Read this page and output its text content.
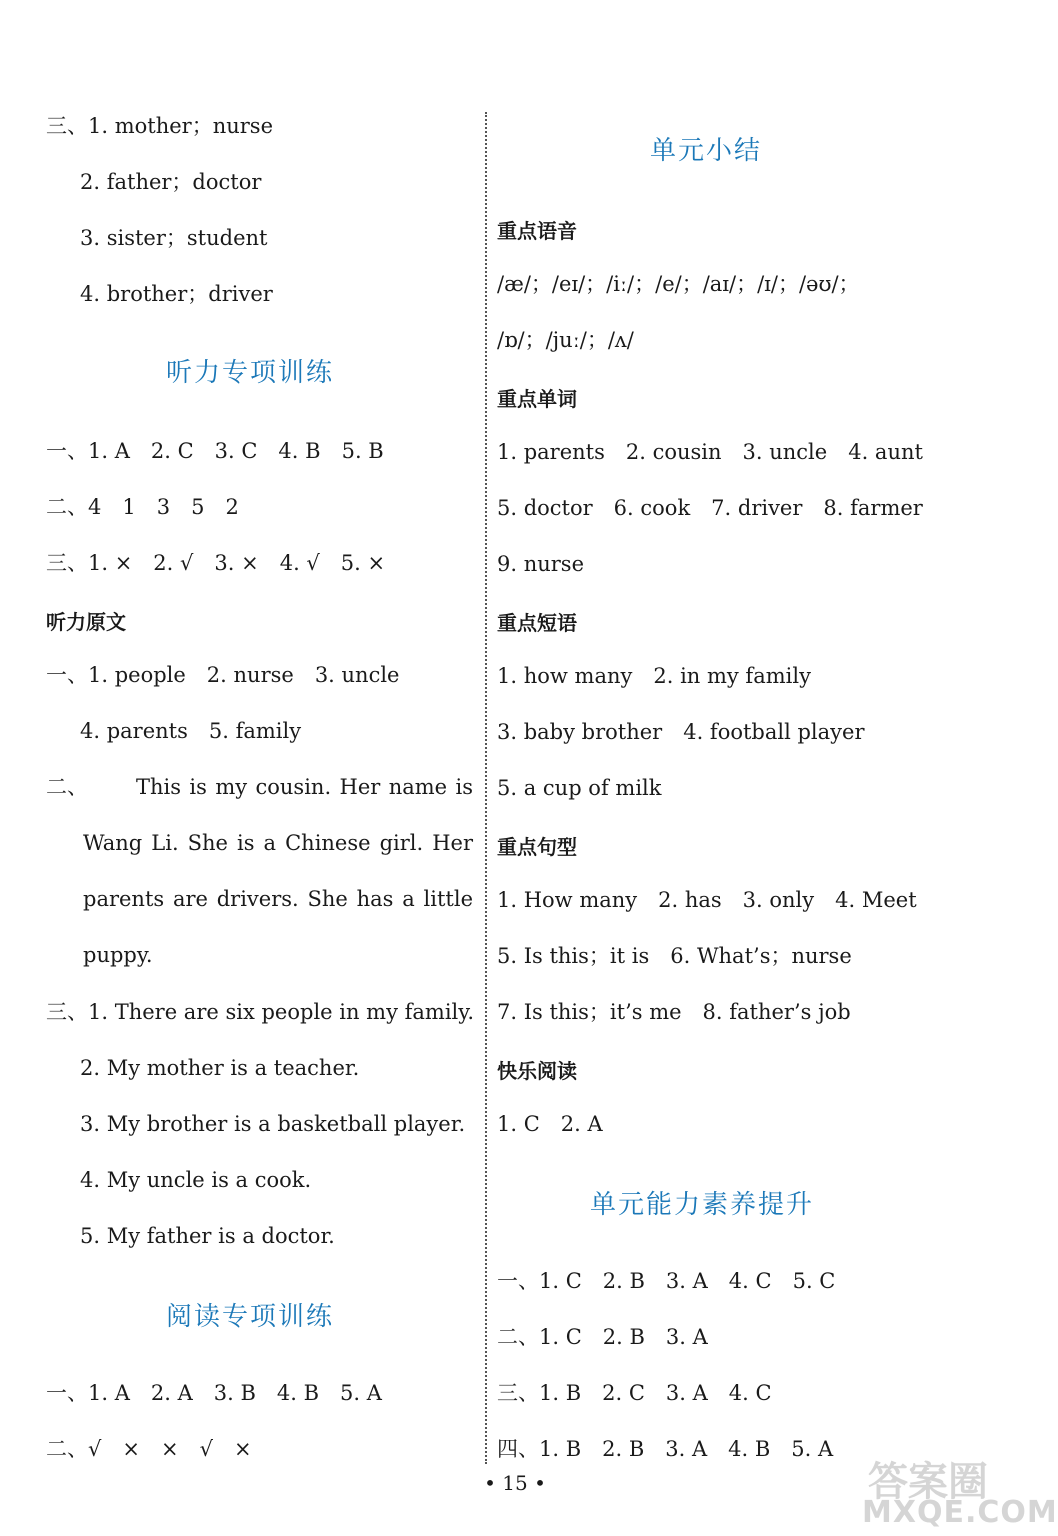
三、1. mother；nurse
2. father；doctor
3. sister；student
4. brother；driver
听力专项训练
一、1. A　2. C　3. C　4. B　5. B
二、4　1　3　5　2
三、1. ×　2. √　3. ×　4. √　5. ×
听力原文
一、1. people　2. nurse　3. uncle
4. parents　5. family
二、 This is my cousin. Her name is
Wang Li. She is a Chinese girl. Her
parents are drivers. She has a little
puppy.
三、1. There are six people in my family.
2. My mother is a teacher.
3. My brother is a basketball player.
4. My uncle is a cook.
5. My father is a doctor.
阅读专项训练
一、1. A　2. A　3. B　4. B　5. A
二、√　×　×　√　×
单元小结
重点语音
/æ/；/eɪ/；/iː/；/e/；/aɪ/；/ɪ/；/əʊ/；
/ɒ/；/juː/；/ʌ/
重点单词
1. parents　2. cousin　3. uncle　4. aunt
5. doctor　6. cook　7. driver　8. farmer
9. nurse
重点短语
1. how many　2. in my family
3. baby brother　4. football player
5. a cup of milk
重点句型
1. How many　2. has　3. only　4. Meet
5. Is this；it is　6. What’s；nurse
7. Is this；it’s me　8. father’s job
快乐阅读
1. C　2. A
单元能力素养提升
一、1. C　2. B　3. A　4. C　5. C
二、1. C　2. B　3. A
三、1. B　2. C　3. A　4. C
四、1. B　2. B　3. A　4. B　5. A
• 15 •	答案圈
MXQE.COM
